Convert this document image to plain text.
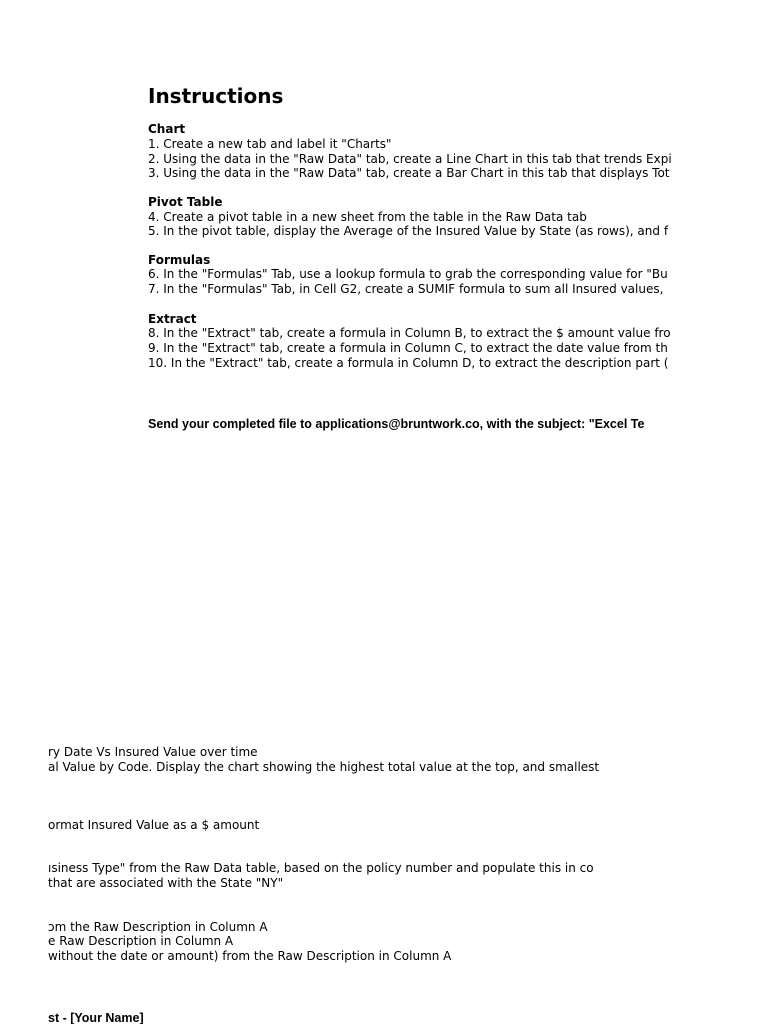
Instructions
Chart
1. Create a new tab and label it "Charts"
2. Using the data in the "Raw Data" tab, create a Line Chart in this tab that trends Expi
3. Using the data in the "Raw Data" tab, create a Bar Chart in this tab that displays Tot
Pivot Table
4. Create a pivot table in a new sheet from the table in the Raw Data tab
5. In the pivot table, display the Average of the Insured Value by State (as rows), and f
Formulas
6. In the "Formulas" Tab, use a lookup formula to grab the corresponding value for "Bu
7. In the "Formulas" Tab, in Cell G2, create a SUMIF formula to sum all Insured values,
Extract
8. In the "Extract" tab, create a formula in Column B, to extract the $ amount value fro
9. In the "Extract" tab, create a formula in Column C, to extract the date value from th
10. In the "Extract" tab, create a formula in Column D, to extract the description part (
Send your completed file to applications@bruntwork.co, with the subject: "Excel Te
ry Date Vs Insured Value over time
al Value by Code. Display the chart showing the highest total value at the top, and smallest
ormat Insured Value as a $ amount
ısiness Type" from the Raw Data table, based on the policy number and populate this in co
that are associated with the State "NY"
ɔm the Raw Description in Column A
e Raw Description in Column A
without the date or amount) from the Raw Description in Column A
st - [Your Name]
